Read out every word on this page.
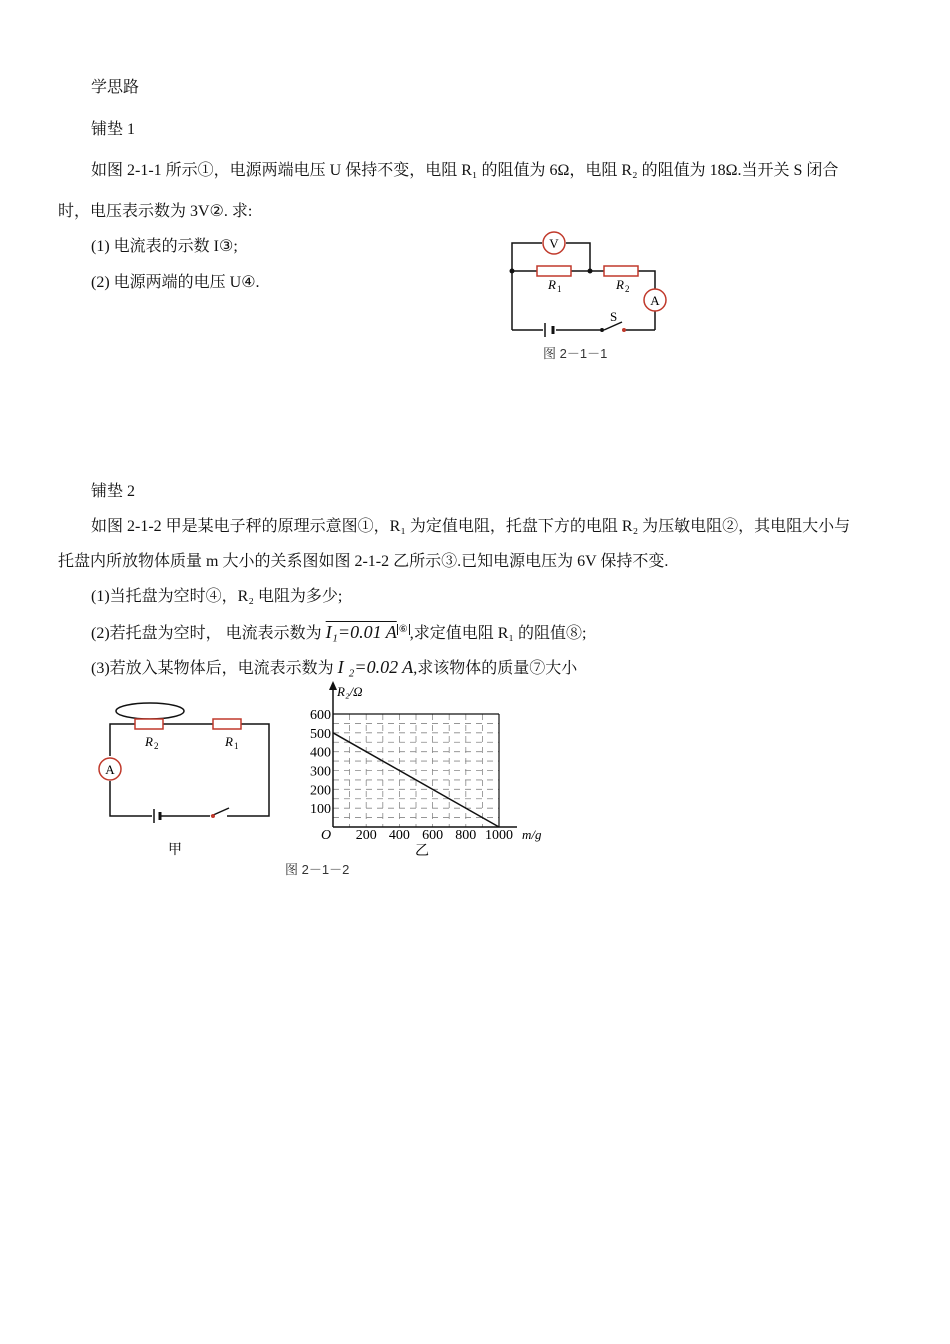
学思路
铺垫 1
如图 2-1-1 所示①，电源两端电压 U 保持不变，电阻 R₁ 的阻值为 6Ω，电阻 R₂ 的阻值为 18Ω.当开关 S 闭合
时，电压表示数为 3V②. 求:
(1) 电流表的示数 I③;
(2) 电源两端的电压 U④.
V
A
R 1	R 2
S
图 2－1－1
铺垫 2
如图 2-1-2 甲是某电子秤的原理示意图①，R₁ 为定值电阻，托盘下方的电阻 R₂ 为压敏电阻②，其电阻大小与
托盘内所放物体质量 m 大小的关系图如图 2-1-2 乙所示③.已知电源电压为 6V 保持不变.
(1)当托盘为空时④，R₂ 电阻为多少;
(2)若托盘为空时， 电流表示数为 I₁=0.01 A ⑥ ,求定值电阻 R₁ 的阻值⑧;
(3)若放入某物体后，电流表示数为 I ₂=0.02 A,求该物体的质量⑦大小
A
R 2	R 1
甲
100
200
300
400
500
600
200 400 600 800 1000
R₂/Ω
m/g
O
乙
图 2－1－2
